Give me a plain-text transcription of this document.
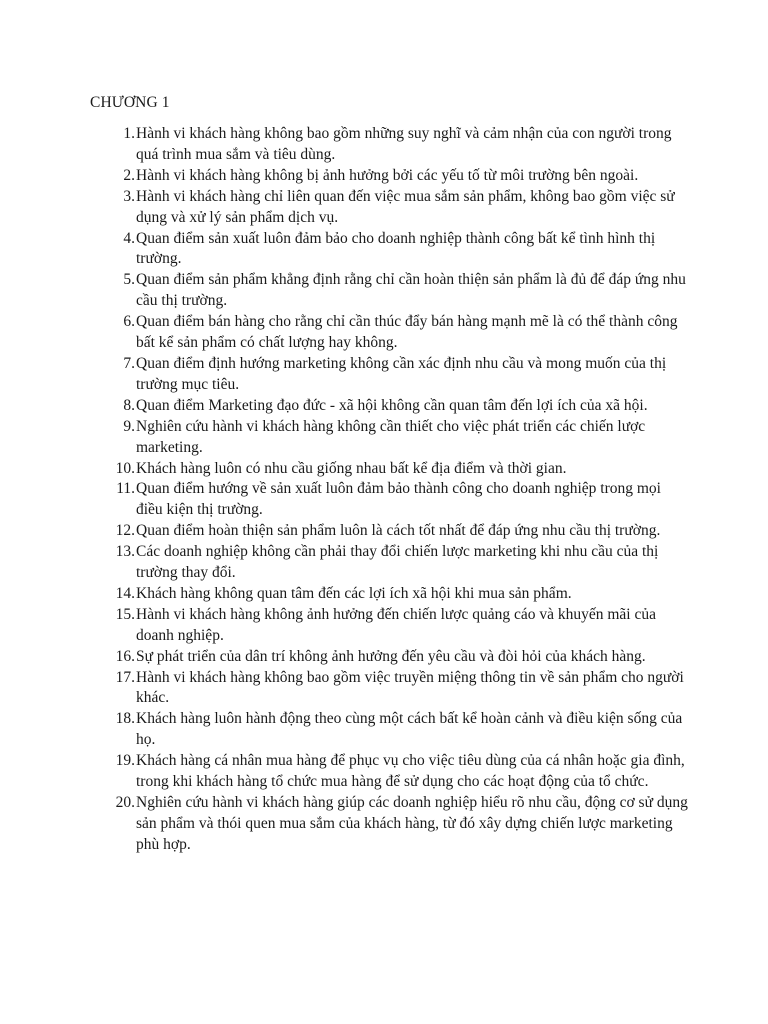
CHƯƠNG 1
1. Hành vi khách hàng không bao gồm những suy nghĩ và cảm nhận của con người trong quá trình mua sắm và tiêu dùng.
2. Hành vi khách hàng không bị ảnh hưởng bởi các yếu tố từ môi trường bên ngoài.
3. Hành vi khách hàng chỉ liên quan đến việc mua sắm sản phẩm, không bao gồm việc sử dụng và xử lý sản phẩm dịch vụ.
4. Quan điểm sản xuất luôn đảm bảo cho doanh nghiệp thành công bất kể tình hình thị trường.
5. Quan điểm sản phẩm khẳng định rằng chỉ cần hoàn thiện sản phẩm là đủ để đáp ứng nhu cầu thị trường.
6. Quan điểm bán hàng cho rằng chỉ cần thúc đẩy bán hàng mạnh mẽ là có thể thành công bất kể sản phẩm có chất lượng hay không.
7. Quan điểm định hướng marketing không cần xác định nhu cầu và mong muốn của thị trường mục tiêu.
8. Quan điểm Marketing đạo đức - xã hội không cần quan tâm đến lợi ích của xã hội.
9. Nghiên cứu hành vi khách hàng không cần thiết cho việc phát triển các chiến lược marketing.
10. Khách hàng luôn có nhu cầu giống nhau bất kể địa điểm và thời gian.
11. Quan điểm hướng về sản xuất luôn đảm bảo thành công cho doanh nghiệp trong mọi điều kiện thị trường.
12. Quan điểm hoàn thiện sản phẩm luôn là cách tốt nhất để đáp ứng nhu cầu thị trường.
13. Các doanh nghiệp không cần phải thay đổi chiến lược marketing khi nhu cầu của thị trường thay đổi.
14. Khách hàng không quan tâm đến các lợi ích xã hội khi mua sản phẩm.
15. Hành vi khách hàng không ảnh hưởng đến chiến lược quảng cáo và khuyến mãi của doanh nghiệp.
16. Sự phát triển của dân trí không ảnh hưởng đến yêu cầu và đòi hỏi của khách hàng.
17. Hành vi khách hàng không bao gồm việc truyền miệng thông tin về sản phẩm cho người khác.
18. Khách hàng luôn hành động theo cùng một cách bất kể hoàn cảnh và điều kiện sống của họ.
19. Khách hàng cá nhân mua hàng để phục vụ cho việc tiêu dùng của cá nhân hoặc gia đình, trong khi khách hàng tổ chức mua hàng để sử dụng cho các hoạt động của tổ chức.
20. Nghiên cứu hành vi khách hàng giúp các doanh nghiệp hiểu rõ nhu cầu, động cơ sử dụng sản phẩm và thói quen mua sắm của khách hàng, từ đó xây dựng chiến lược marketing phù hợp.
